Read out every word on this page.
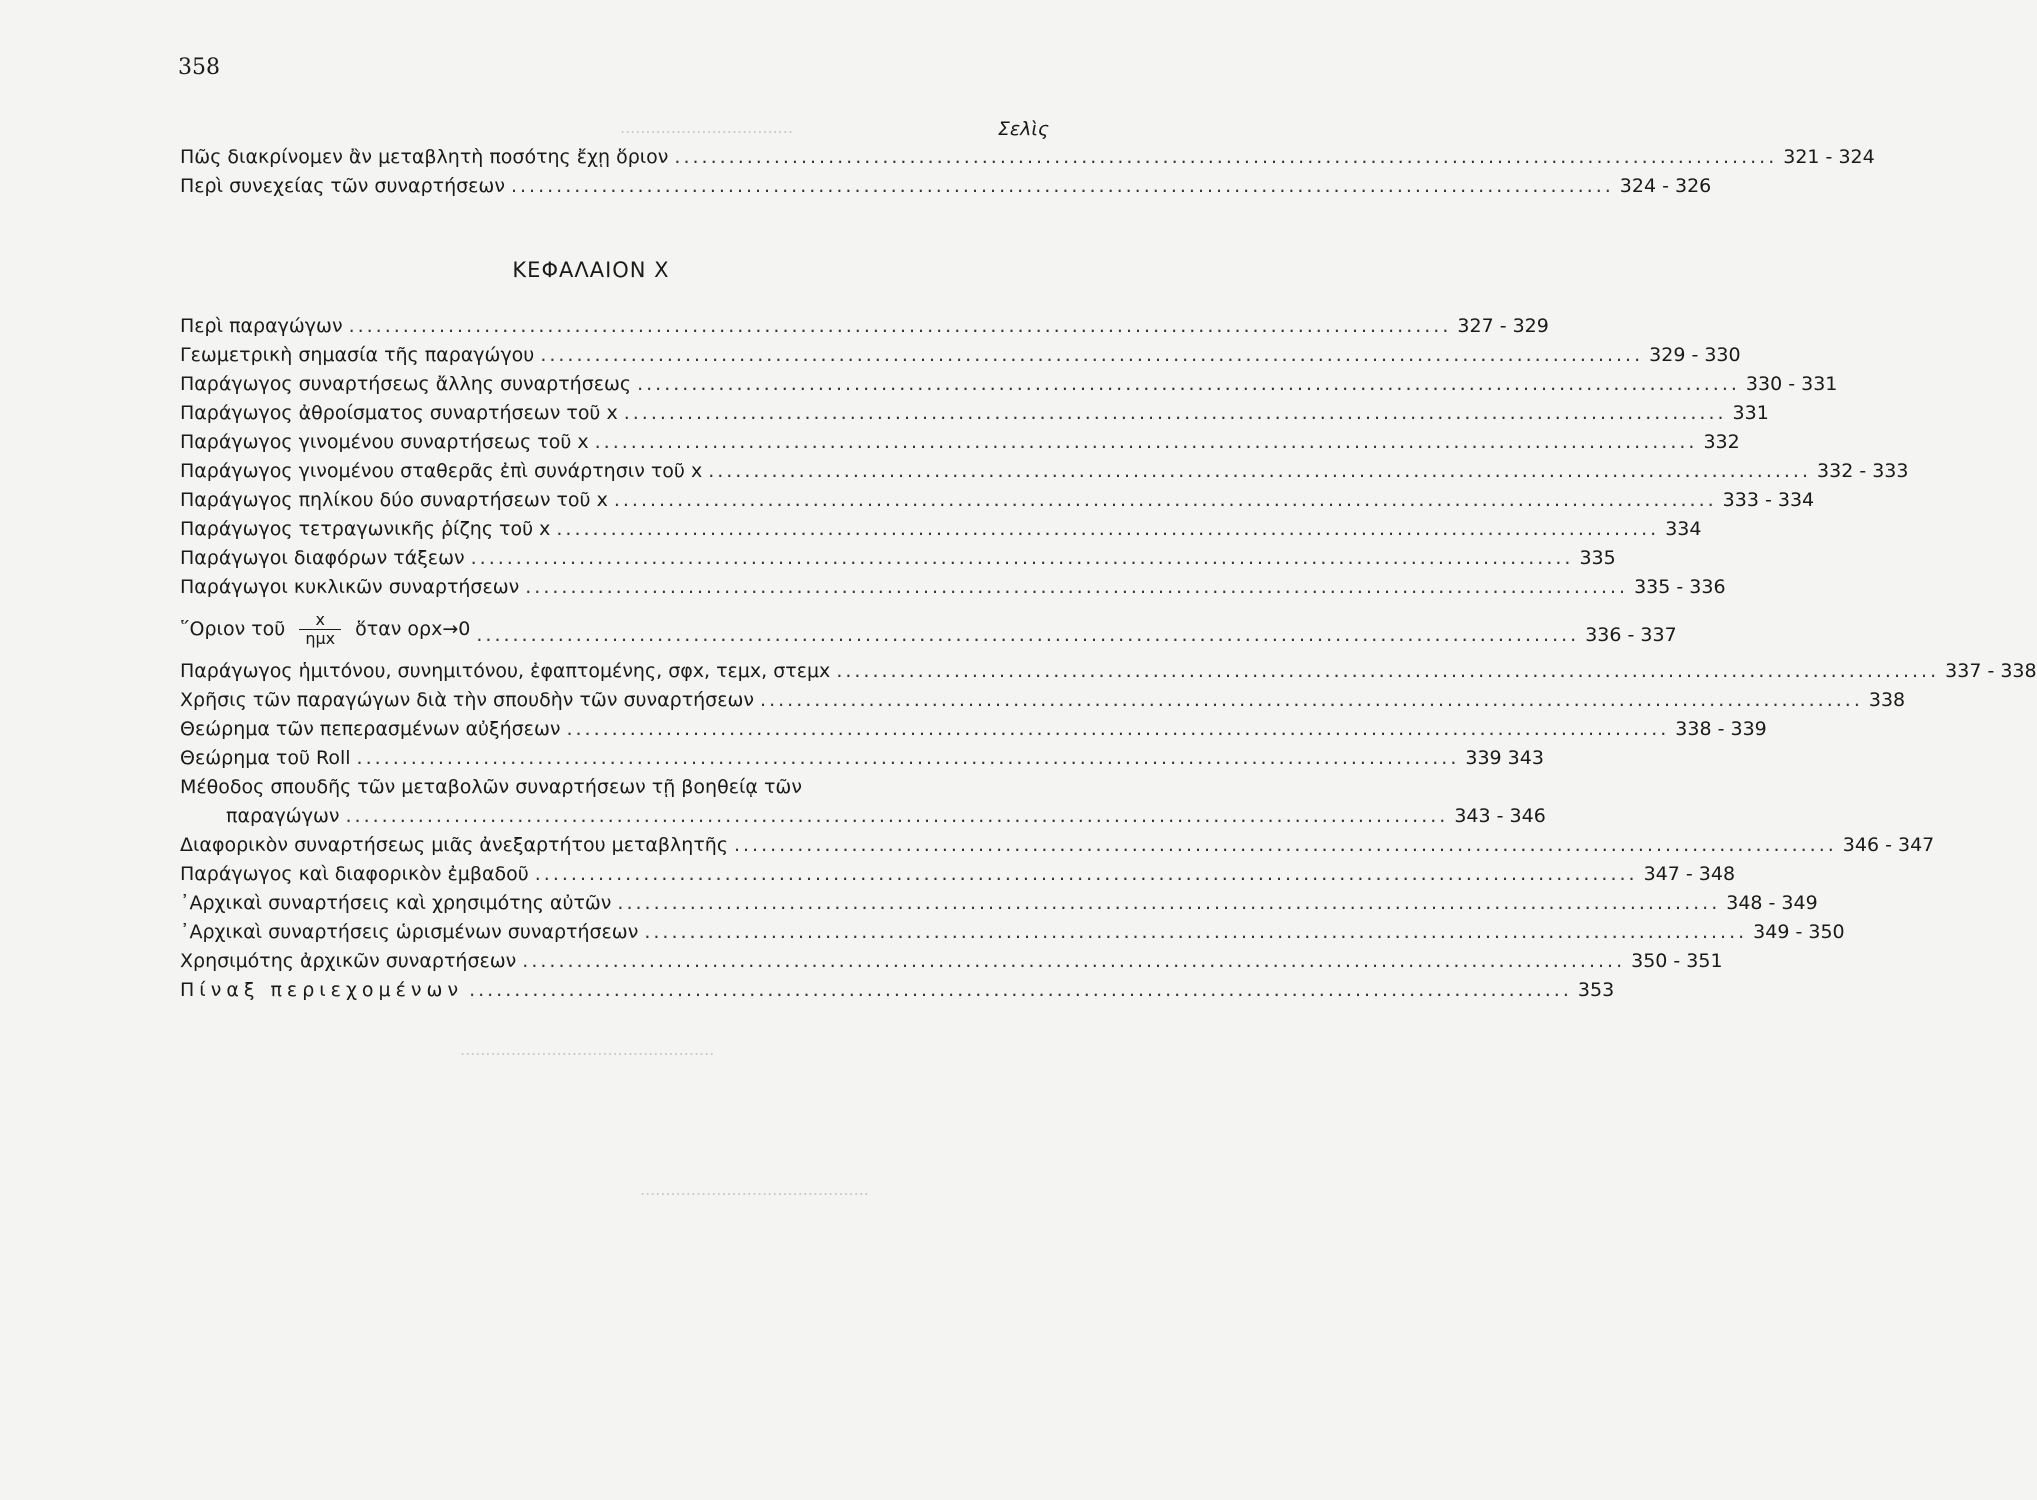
..................................
..................................................
.............................................
358
Σελὶς
Πῶς διακρίνομεν ἂν μεταβλητὴ ποσότης ἔχῃ ὅριον .......................................................................................................................... 321 - 324
Περὶ συνεχείας τῶν συναρτήσεων .......................................................................................................................... 324 - 326
ΚΕΦΑΛΑΙΟΝ X
Περὶ παραγώγων .......................................................................................................................... 327 - 329
Γεωμετρικὴ σημασία τῆς παραγώγου .......................................................................................................................... 329 - 330
Παράγωγος συναρτήσεως ἄλλης συναρτήσεως .......................................................................................................................... 330 - 331
Παράγωγος ἀθροίσματος συναρτήσεων τοῦ x .......................................................................................................................... 331
Παράγωγος γινομένου συναρτήσεως τοῦ x .......................................................................................................................... 332
Παράγωγος γινομένου σταθερᾶς ἐπὶ συνάρτησιν τοῦ x .......................................................................................................................... 332 - 333
Παράγωγος πηλίκου δύο συναρτήσεων τοῦ x .......................................................................................................................... 333 - 334
Παράγωγος τετραγωνικῆς ῥίζης τοῦ x .......................................................................................................................... 334
Παράγωγοι διαφόρων τάξεων .......................................................................................................................... 335
Παράγωγοι κυκλικῶν συναρτήσεων .......................................................................................................................... 335 - 336
῞Οριον τοῦ $\frac{x}{\text{ημx}}$ ὅταν ορx→0 .......................................................................................................................... 336 - 337
Παράγωγος ἡμιτόνου, συνημιτόνου, ἐφαπτομένης, σφx, τεμx, στεμx .......................................................................................................................... 337 - 338
Χρῆσις τῶν παραγώγων διὰ τὴν σπουδὴν τῶν συναρτήσεων .......................................................................................................................... 338
Θεώρημα τῶν πεπερασμένων αὐξήσεων .......................................................................................................................... 338 - 339
Θεώρημα τοῦ Roll .......................................................................................................................... 339 343
Μέθοδος σπουδῆς τῶν μεταβολῶν συναρτήσεων τῇ βοηθείᾳ τῶν
παραγώγων .......................................................................................................................... 343 - 346
Διαφορικὸν συναρτήσεως μιᾶς ἀνεξαρτήτου μεταβλητῆς .......................................................................................................................... 346 - 347
Παράγωγος καὶ διαφορικὸν ἐμβαδοῦ .......................................................................................................................... 347 - 348
᾿Αρχικαὶ συναρτήσεις καὶ χρησιμότης αὐτῶν .......................................................................................................................... 348 - 349
᾿Αρχικαὶ συναρτήσεις ὡρισμένων συναρτήσεων .......................................................................................................................... 349 - 350
Χρησιμότης ἀρχικῶν συναρτήσεων .......................................................................................................................... 350 - 351
Πίναξ περιεχομένων .......................................................................................................................... 353
